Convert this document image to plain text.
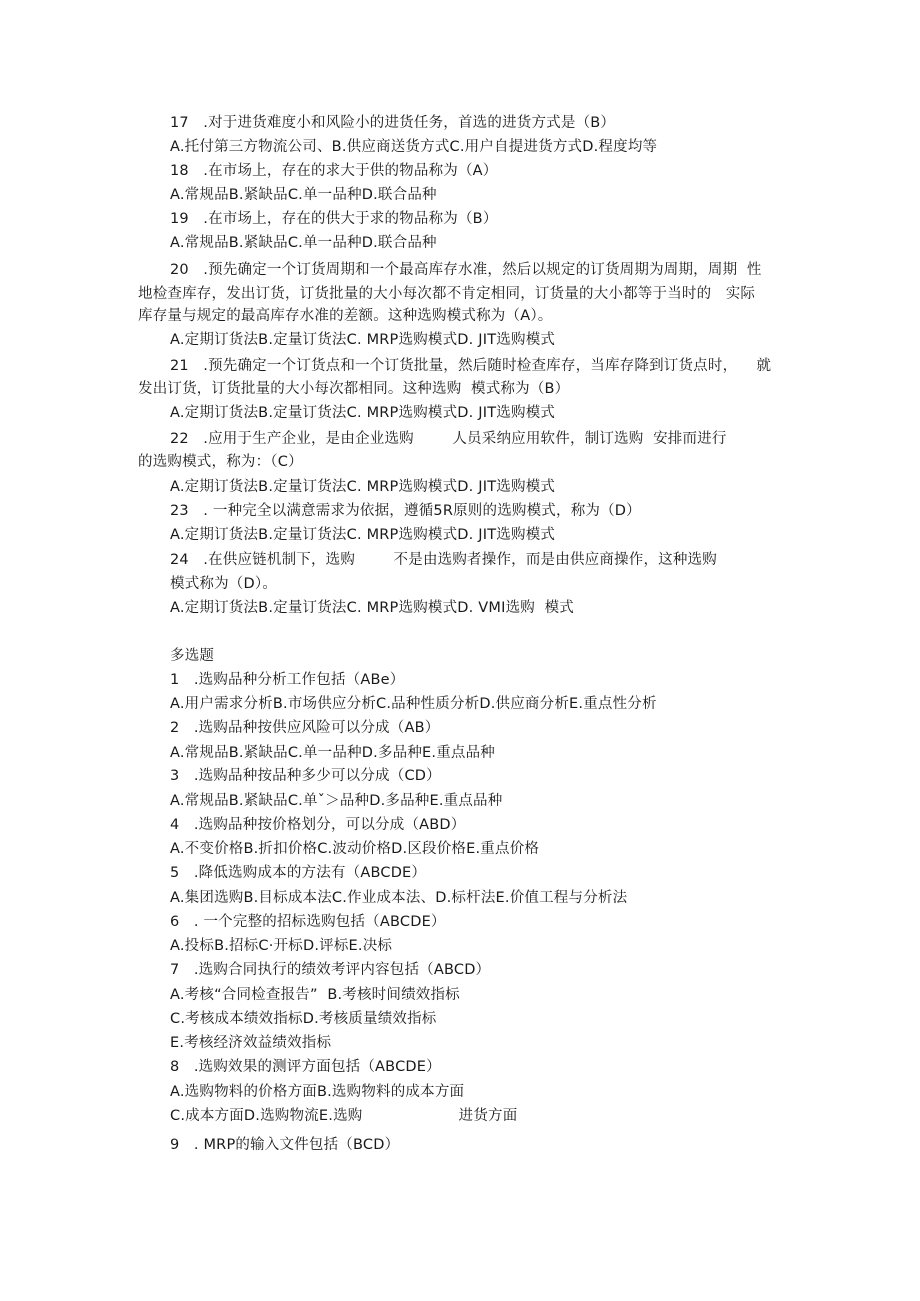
17   .对于进货难度小和风险小的进货任务，首选的进货方式是（B）
A.托付第三方物流公司、B.供应商送货方式C.用户自提进货方式D.程度均等
18   .在市场上，存在的求大于供的物品称为（A）
A.常规品B.紧缺品C.单一品种D.联合品种
19   .在市场上，存在的供大于求的物品称为（B）
A.常规品B.紧缺品C.单一品种D.联合品种
20   .预先确定一个订货周期和一个最高库存水准，然后以规定的订货周期为周期，周期  性
地检查库存，发出订货，订货批量的大小每次都不肯定相同，订货量的大小都等于当时的   实际
库存量与规定的最高库存水准的差额。这种选购模式称为（A）。
A.定期订货法B.定量订货法C. MRP选购模式D. JIT选购模式
21   .预先确定一个订货点和一个订货批量，然后随时检查库存，当库存降到订货点时，    就
发出订货，订货批量的大小每次都相同。这种选购  模式称为（B）
A.定期订货法B.定量订货法C. MRP选购模式D. JIT选购模式
22   .应用于生产企业，是由企业选购        人员采纳应用软件，制订选购  安排而进行
的选购模式，称为：（C）
A.定期订货法B.定量订货法C. MRP选购模式D. JIT选购模式
23   . 一种完全以满意需求为依据，遵循5R原则的选购模式，称为（D）
A.定期订货法B.定量订货法C. MRP选购模式D. JIT选购模式
24   .在供应链机制下，选购        不是由选购者操作，而是由供应商操作，这种选购
模式称为（D）。
A.定期订货法B.定量订货法C. MRP选购模式D. VMI选购  模式
多选题
1   .选购品种分析工作包括（ABe）
A.用户需求分析B.市场供应分析C.品种性质分析D.供应商分析E.重点性分析
2   .选购品种按供应风险可以分成（AB）
A.常规品B.紧缺品C.单一品种D.多品种E.重点品种
3   .选购品种按品种多少可以分成（CD）
A.常规品B.紧缺品C.单ˇ＞品种D.多品种E.重点品种
4   .选购品种按价格划分，可以分成（ABD）
A.不变价格B.折扣价格C.波动价格D.区段价格E.重点价格
5   .降低选购成本的方法有（ABCDE）
A.集团选购B.目标成本法C.作业成本法、D.标杆法E.价值工程与分析法
6   . 一个完整的招标选购包括（ABCDE）
A.投标B.招标C·开标D.评标E.决标
7   .选购合同执行的绩效考评内容包括（ABCD）
A.考核“合同检查报告”  B.考核时间绩效指标
C.考核成本绩效指标D.考核质量绩效指标
E.考核经济效益绩效指标
8   .选购效果的测评方面包括（ABCDE）
A.选购物料的价格方面B.选购物料的成本方面
C.成本方面D.选购物流E.选购                    进货方面
9   . MRP的输入文件包括（BCD）
